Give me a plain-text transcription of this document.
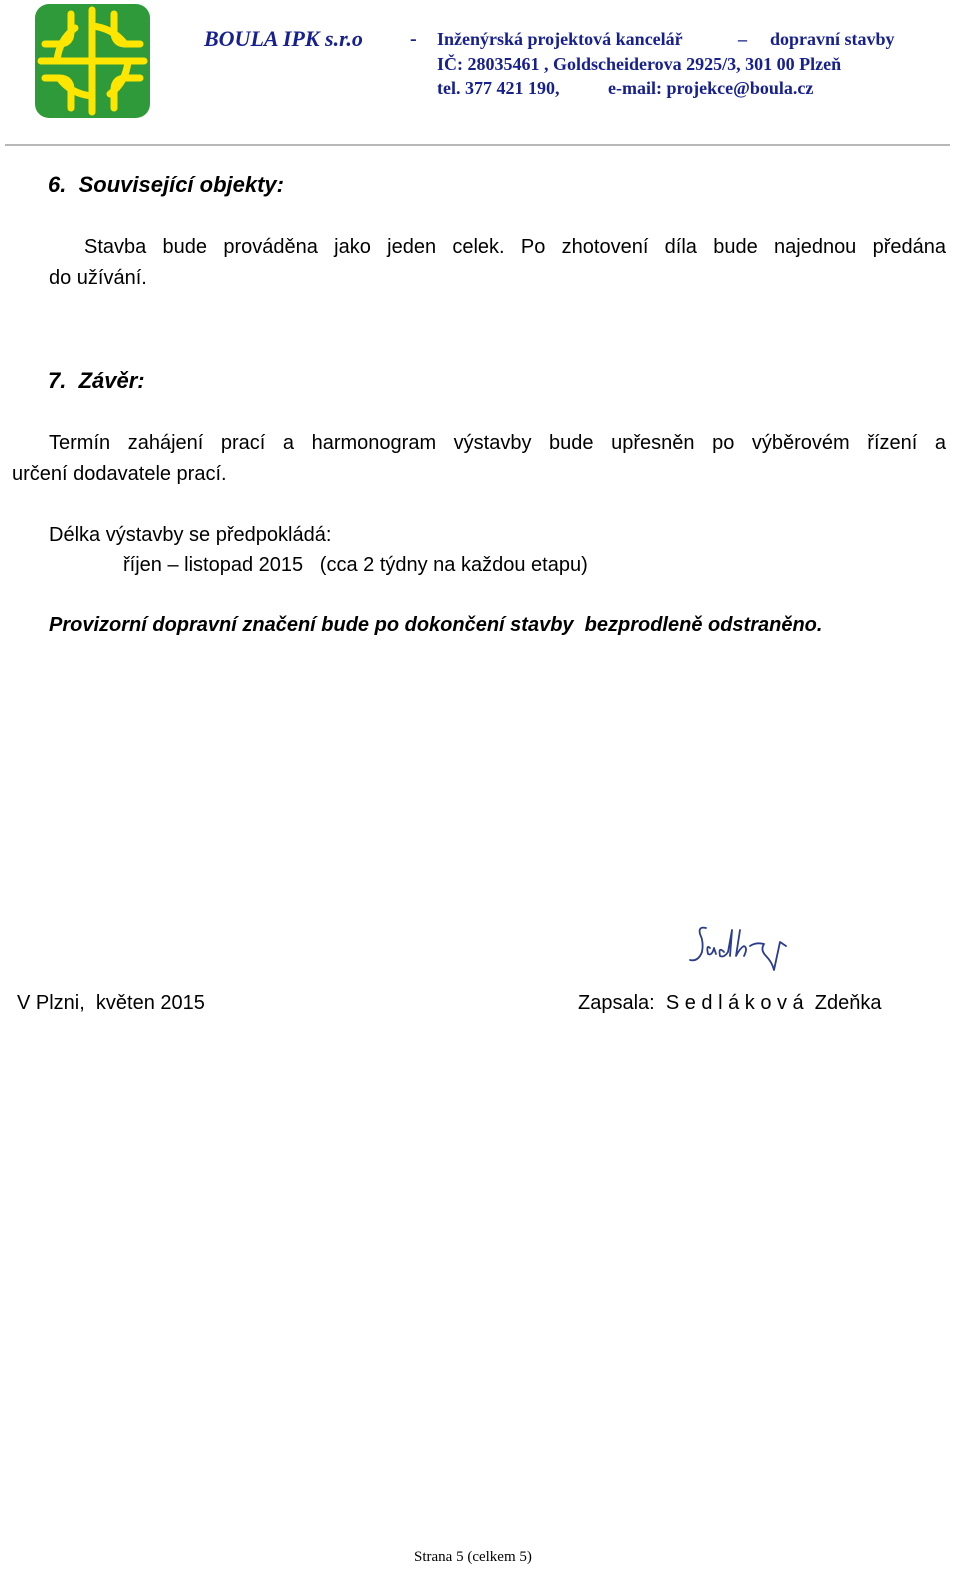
BOULA IPK s.r.o - Inženýrská projektová kancelář	– dopravní stavby
IČ: 28035461 , Goldscheiderova 2925/3, 301 00 Plzeň
tel. 377 421 190,	e-mail: projekce@boula.cz
6. Související objekty:
Stavba bude prováděna jako jeden celek. Po zhotovení díla bude najednou předána
do užívání.
7. Závěr:
Termín zahájení prací a harmonogram výstavby bude upřesněn po výběrovém řízení a
určení dodavatele prací.
Délka výstavby se předpokládá:
říjen – listopad 2015   (cca 2 týdny na každou etapu)
Provizorní dopravní značení bude po dokončení stavby  bezprodleně odstraněno.
V Plzni,  květen 2015	Zapsala:  S e d l á k o v á  Zdeňka
Strana 5 (celkem 5)
